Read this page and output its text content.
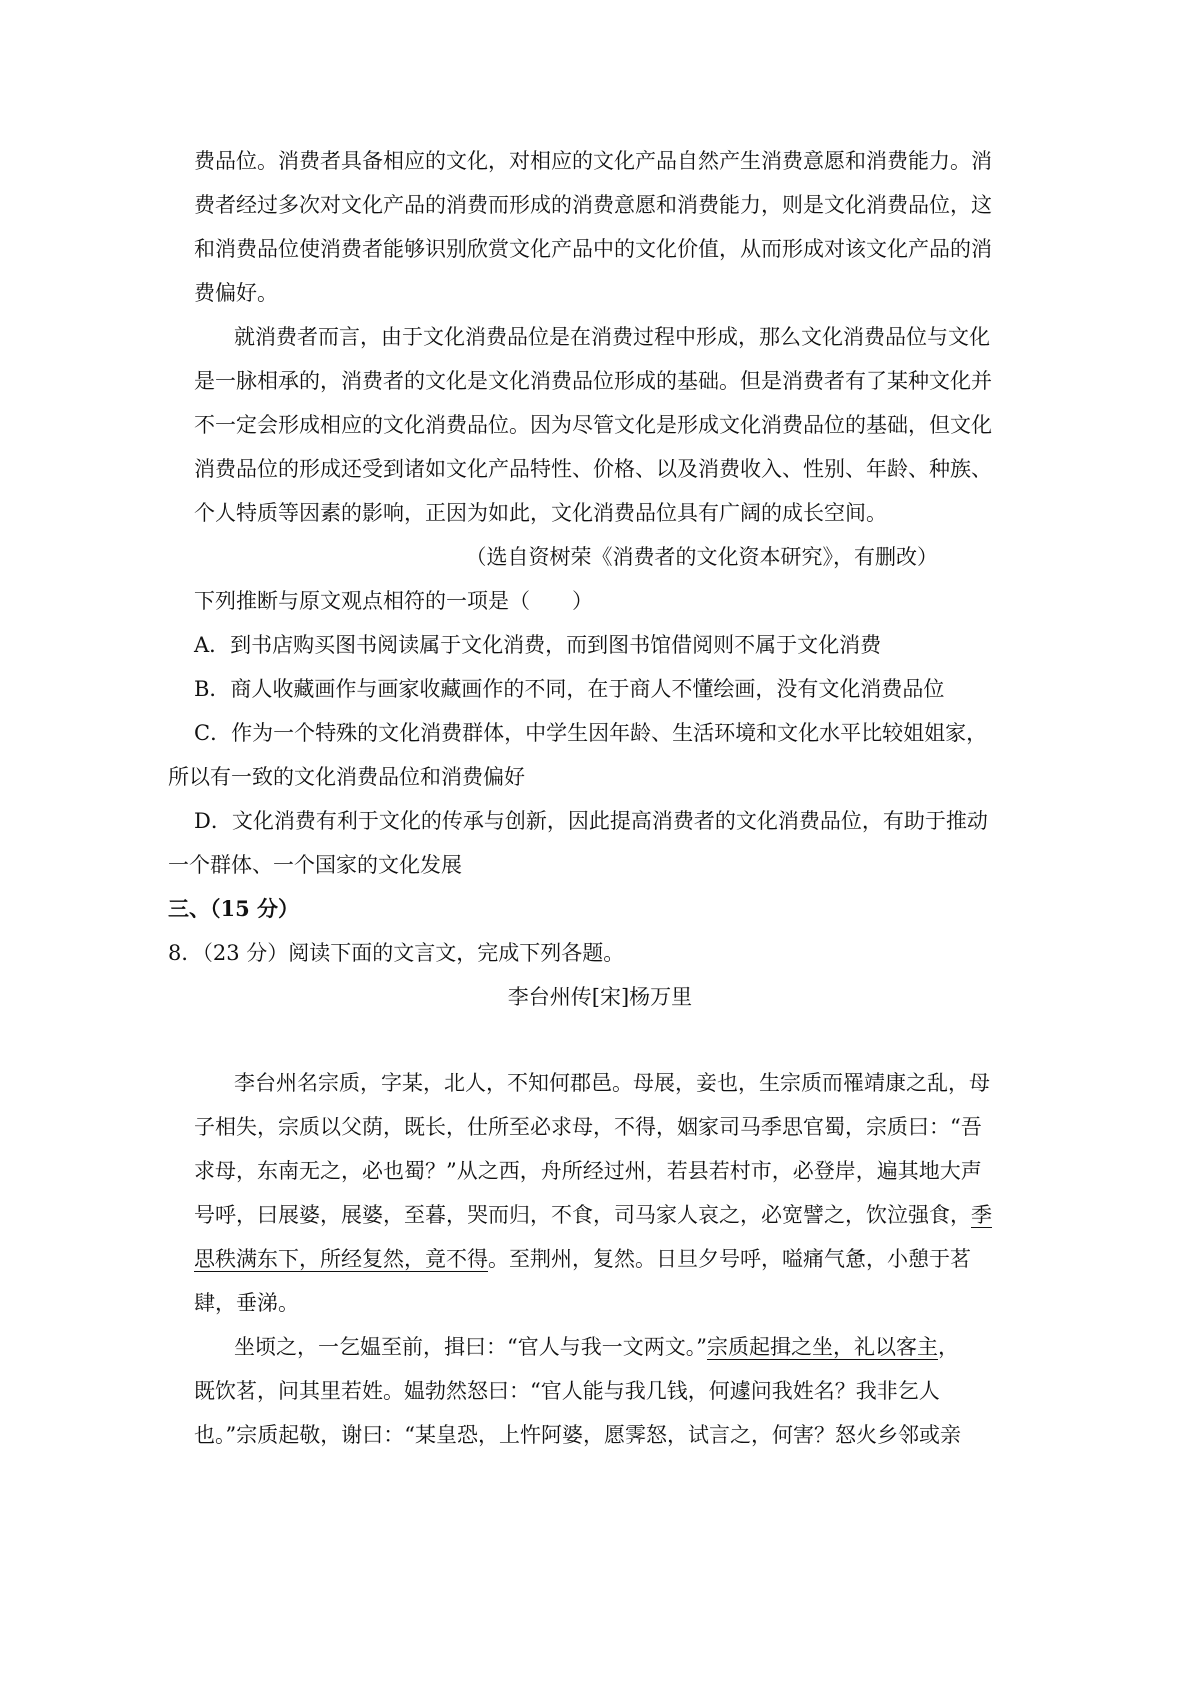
费品位。消费者具备相应的文化，对相应的文化产品自然产生消费意愿和消费能力。消
费者经过多次对文化产品的消费而形成的消费意愿和消费能力，则是文化消费品位，这
和消费品位使消费者能够识别欣赏文化产品中的文化价值，从而形成对该文化产品的消
费偏好。
就消费者而言，由于文化消费品位是在消费过程中形成，那么文化消费品位与文化
是一脉相承的，消费者的文化是文化消费品位形成的基础。但是消费者有了某种文化并
不一定会形成相应的文化消费品位。因为尽管文化是形成文化消费品位的基础，但文化
消费品位的形成还受到诸如文化产品特性、价格、以及消费收入、性别、年龄、种族、
个人特质等因素的影响，正因为如此，文化消费品位具有广阔的成长空间。
（选自资树荣《消费者的文化资本研究》，有删改）
下列推断与原文观点相符的一项是（　　）
A．到书店购买图书阅读属于文化消费，而到图书馆借阅则不属于文化消费
B．商人收藏画作与画家收藏画作的不同，在于商人不懂绘画，没有文化消费品位
C．作为一个特殊的文化消费群体，中学生因年龄、生活环境和文化水平比较姐姐家，
所以有一致的文化消费品位和消费偏好
D．文化消费有利于文化的传承与创新，因此提高消费者的文化消费品位，有助于推动
一个群体、一个国家的文化发展
三、（15 分）
8．（23 分）阅读下面的文言文，完成下列各题。
李台州传[宋]杨万里
李台州名宗质，字某，北人，不知何郡邑。母展，妾也，生宗质而罹靖康之乱，母
子相失，宗质以父荫，既长，仕所至必求母，不得，姻家司马季思官蜀，宗质曰：“吾
求母，东南无之，必也蜀？”从之西，舟所经过州，若县若村市，必登岸，遍其地大声
号呼，曰展婆，展婆，至暮，哭而归，不食，司马家人哀之，必宽譬之，饮泣强食，季
思秩满东下，所经复然，竟不得。至荆州，复然。日旦夕号呼，嗌痛气惫，小憩于茗
肆，垂涕。
坐顷之，一乞媪至前，揖曰：“官人与我一文两文。”宗质起揖之坐，礼以客主，
既饮茗，问其里若姓。媪勃然怒曰：“官人能与我几钱，何遽问我姓名？我非乞人
也。”宗质起敬，谢曰：“某皇恐，上忤阿婆，愿霁怒，试言之，何害？怒火乡邻或亲
